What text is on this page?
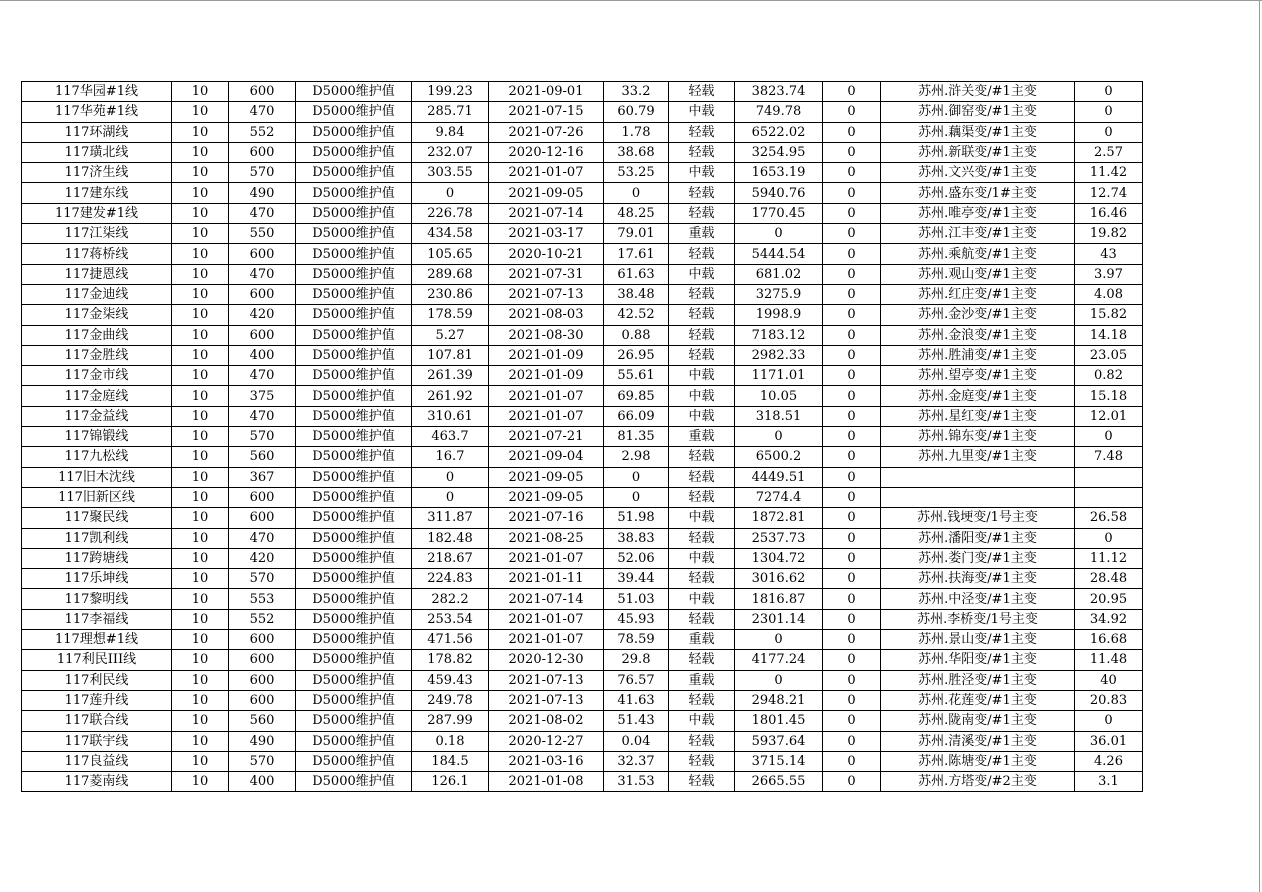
117华园#1线	10	600	D5000维护值	199.23	2021-09-01	33.2	轻载	3823.74	0	苏州.浒关变/#1主变	0
117华苑#1线	10	470	D5000维护值	285.71	2021-07-15	60.79	中载	749.78	0	苏州.御窑变/#1主变	0
117环湖线	10	552	D5000维护值	9.84	2021-07-26	1.78	轻载	6522.02	0	苏州.藕渠变/#1主变	0
117璜北线	10	600	D5000维护值	232.07	2020-12-16	38.68	轻载	3254.95	0	苏州.新联变/#1主变	2.57
117济生线	10	570	D5000维护值	303.55	2021-01-07	53.25	中载	1653.19	0	苏州.文兴变/#1主变	11.42
117建东线	10	490	D5000维护值	0	2021-09-05	0	轻载	5940.76	0	苏州.盛东变/1#主变	12.74
117建发#1线	10	470	D5000维护值	226.78	2021-07-14	48.25	轻载	1770.45	0	苏州.唯亭变/#1主变	16.46
117江柒线	10	550	D5000维护值	434.58	2021-03-17	79.01	重载	0	0	苏州.江丰变/#1主变	19.82
117蒋桥线	10	600	D5000维护值	105.65	2020-10-21	17.61	轻载	5444.54	0	苏州.乘航变/#1主变	43
117捷恩线	10	470	D5000维护值	289.68	2021-07-31	61.63	中载	681.02	0	苏州.观山变/#1主变	3.97
117金迪线	10	600	D5000维护值	230.86	2021-07-13	38.48	轻载	3275.9	0	苏州.红庄变/#1主变	4.08
117金柒线	10	420	D5000维护值	178.59	2021-08-03	42.52	轻载	1998.9	0	苏州.金沙变/#1主变	15.82
117金曲线	10	600	D5000维护值	5.27	2021-08-30	0.88	轻载	7183.12	0	苏州.金浪变/#1主变	14.18
117金胜线	10	400	D5000维护值	107.81	2021-01-09	26.95	轻载	2982.33	0	苏州.胜浦变/#1主变	23.05
117金市线	10	470	D5000维护值	261.39	2021-01-09	55.61	中载	1171.01	0	苏州.望亭变/#1主变	0.82
117金庭线	10	375	D5000维护值	261.92	2021-01-07	69.85	中载	10.05	0	苏州.金庭变/#1主变	15.18
117金益线	10	470	D5000维护值	310.61	2021-01-07	66.09	中载	318.51	0	苏州.星红变/#1主变	12.01
117锦锻线	10	570	D5000维护值	463.7	2021-07-21	81.35	重载	0	0	苏州.锦东变/#1主变	0
117九松线	10	560	D5000维护值	16.7	2021-09-04	2.98	轻载	6500.2	0	苏州.九里变/#1主变	7.48
117旧木沈线	10	367	D5000维护值	0	2021-09-05	0	轻载	4449.51	0		
117旧新区线	10	600	D5000维护值	0	2021-09-05	0	轻载	7274.4	0		
117聚民线	10	600	D5000维护值	311.87	2021-07-16	51.98	中载	1872.81	0	苏州.钱埂变/1号主变	26.58
117凯利线	10	470	D5000维护值	182.48	2021-08-25	38.83	轻载	2537.73	0	苏州.潘阳变/#1主变	0
117跨塘线	10	420	D5000维护值	218.67	2021-01-07	52.06	中载	1304.72	0	苏州.娄门变/#1主变	11.12
117乐坤线	10	570	D5000维护值	224.83	2021-01-11	39.44	轻载	3016.62	0	苏州.扶海变/#1主变	28.48
117黎明线	10	553	D5000维护值	282.2	2021-07-14	51.03	中载	1816.87	0	苏州.中泾变/#1主变	20.95
117李福线	10	552	D5000维护值	253.54	2021-01-07	45.93	轻载	2301.14	0	苏州.李桥变/1号主变	34.92
117理想#1线	10	600	D5000维护值	471.56	2021-01-07	78.59	重载	0	0	苏州.景山变/#1主变	16.68
117利民III线	10	600	D5000维护值	178.82	2020-12-30	29.8	轻载	4177.24	0	苏州.华阳变/#1主变	11.48
117利民线	10	600	D5000维护值	459.43	2021-07-13	76.57	重载	0	0	苏州.胜泾变/#1主变	40
117莲升线	10	600	D5000维护值	249.78	2021-07-13	41.63	轻载	2948.21	0	苏州.花莲变/#1主变	20.83
117联合线	10	560	D5000维护值	287.99	2021-08-02	51.43	中载	1801.45	0	苏州.陇南变/#1主变	0
117联宇线	10	490	D5000维护值	0.18	2020-12-27	0.04	轻载	5937.64	0	苏州.清溪变/#1主变	36.01
117良益线	10	570	D5000维护值	184.5	2021-03-16	32.37	轻载	3715.14	0	苏州.陈塘变/#1主变	4.26
117菱南线	10	400	D5000维护值	126.1	2021-01-08	31.53	轻载	2665.55	0	苏州.方塔变/#2主变	3.1
